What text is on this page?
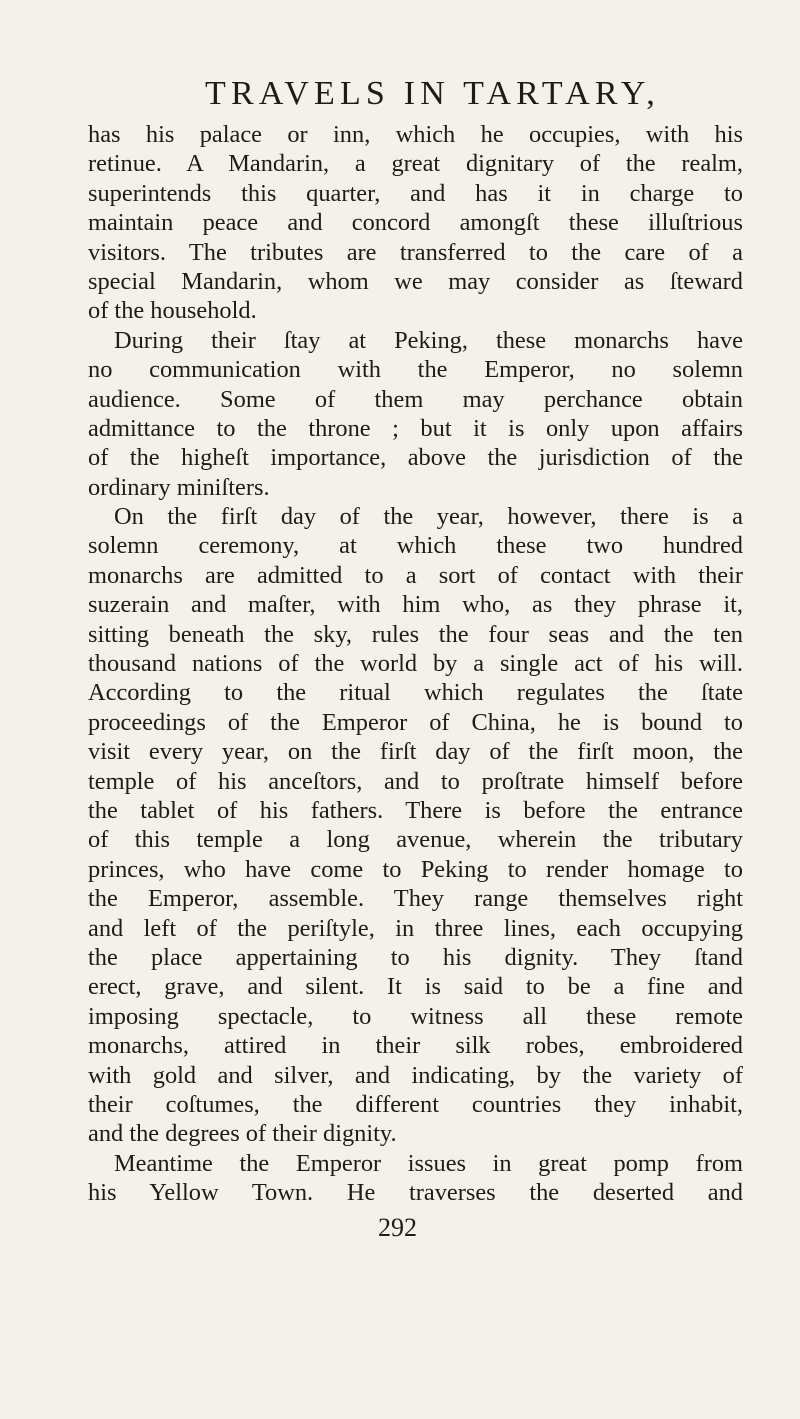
TRAVELS IN TARTARY,
has his palace or inn, which he occupies, with his
retinue. A Mandarin, a great dignitary of the realm,
superintends this quarter, and has it in charge to
maintain peace and concord amongſt these illuſtrious
visitors. The tributes are transferred to the care of a
special Mandarin, whom we may consider as ſteward
of the household.
During their ſtay at Peking, these monarchs have
no communication with the Emperor, no solemn
audience. Some of them may perchance obtain
admittance to the throne ; but it is only upon affairs
of the higheſt importance, above the jurisdiction of the
ordinary miniſters.
On the firſt day of the year, however, there is a
solemn ceremony, at which these two hundred
monarchs are admitted to a sort of contact with their
suzerain and maſter, with him who, as they phrase it,
sitting beneath the sky, rules the four seas and the ten
thousand nations of the world by a single act of his will.
According to the ritual which regulates the ſtate
proceedings of the Emperor of China, he is bound to
visit every year, on the firſt day of the firſt moon, the
temple of his anceſtors, and to proſtrate himself before
the tablet of his fathers. There is before the entrance
of this temple a long avenue, wherein the tributary
princes, who have come to Peking to render homage to
the Emperor, assemble. They range themselves right
and left of the periſtyle, in three lines, each occupying
the place appertaining to his dignity. They ſtand
erect, grave, and silent. It is said to be a fine and
imposing spectacle, to witness all these remote
monarchs, attired in their silk robes, embroidered
with gold and silver, and indicating, by the variety of
their coſtumes, the different countries they inhabit,
and the degrees of their dignity.
Meantime the Emperor issues in great pomp from
his Yellow Town. He traverses the deserted and
292
